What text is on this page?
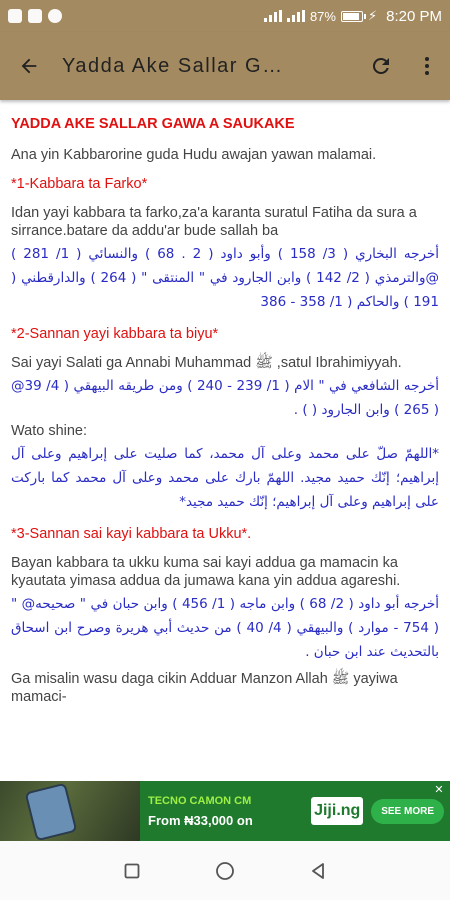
87% ⚡ 8:20 PM
Yadda Ake Sallar G…
YADDA AKE SALLAR GAWA A SAUKAKE
Ana yin Kabbarorine guda Hudu awajan yawan malamai.
*1-Kabbara ta Farko*
Idan yayi kabbara ta farko,za'a karanta suratul Fatiha da sura a sirrance.batare da addu'ar bude sallah ba
أخرجه البخاري ( 3/ 158 ) وأبو داود ( 2 . 68 ) والنسائي ( 1/ 281 ) @والترمذي ( 2/ 142 ) وابن الجارود في " المنتقى " ( 264 ) والدارقطني ( 191 ) والحاكم ( 1/ 358 - 386
*2-Sannan yayi kabbara ta biyu*
Sai yayi Salati ga Annabi Muhammad ﷺ ,satul Ibrahimiyyah.
أخرجه الشافعي في " الام ( 1/ 239 - 240 ) ومن طريقه البيهقي ( 4/ 39@ ( 265 ) وابن الجارود ( ) .
Wato shine:
*اللهمّ صلّ على محمد وعلى آل محمد، كما صليت على إبراهيم وعلى آل إبراهيم؛ إنّك حميد مجيد. اللهمّ بارك على محمد وعلى آل محمد كما باركت على إبراهيم وعلى آل إبراهيم؛ إنّك حميد مجيد*
*3-Sannan sai kayi kabbara ta Ukku*.
Bayan kabbara ta ukku kuma sai kayi addua ga mamacin ka kyautata yimasa addua da jumawa kana yin addua agareshi.
أخرجه أبو داود ( 2/ 68 ) وابن ماجه ( 1/ 456 ) وابن حبان في " صحيحه@ " ( 754 - موارد ) والبيهقي ( 4/ 40 ) من حديث أبي هريرة وصرح ابن اسحاق بالتحديث عند ابن حبان .
Ga misalin wasu daga cikin Adduar Manzon Allah ﷺ yayiwa mamaci-
TECNO CAMON CM
From ₦33,000 on
Jiji.ng	SEE MORE
✕
